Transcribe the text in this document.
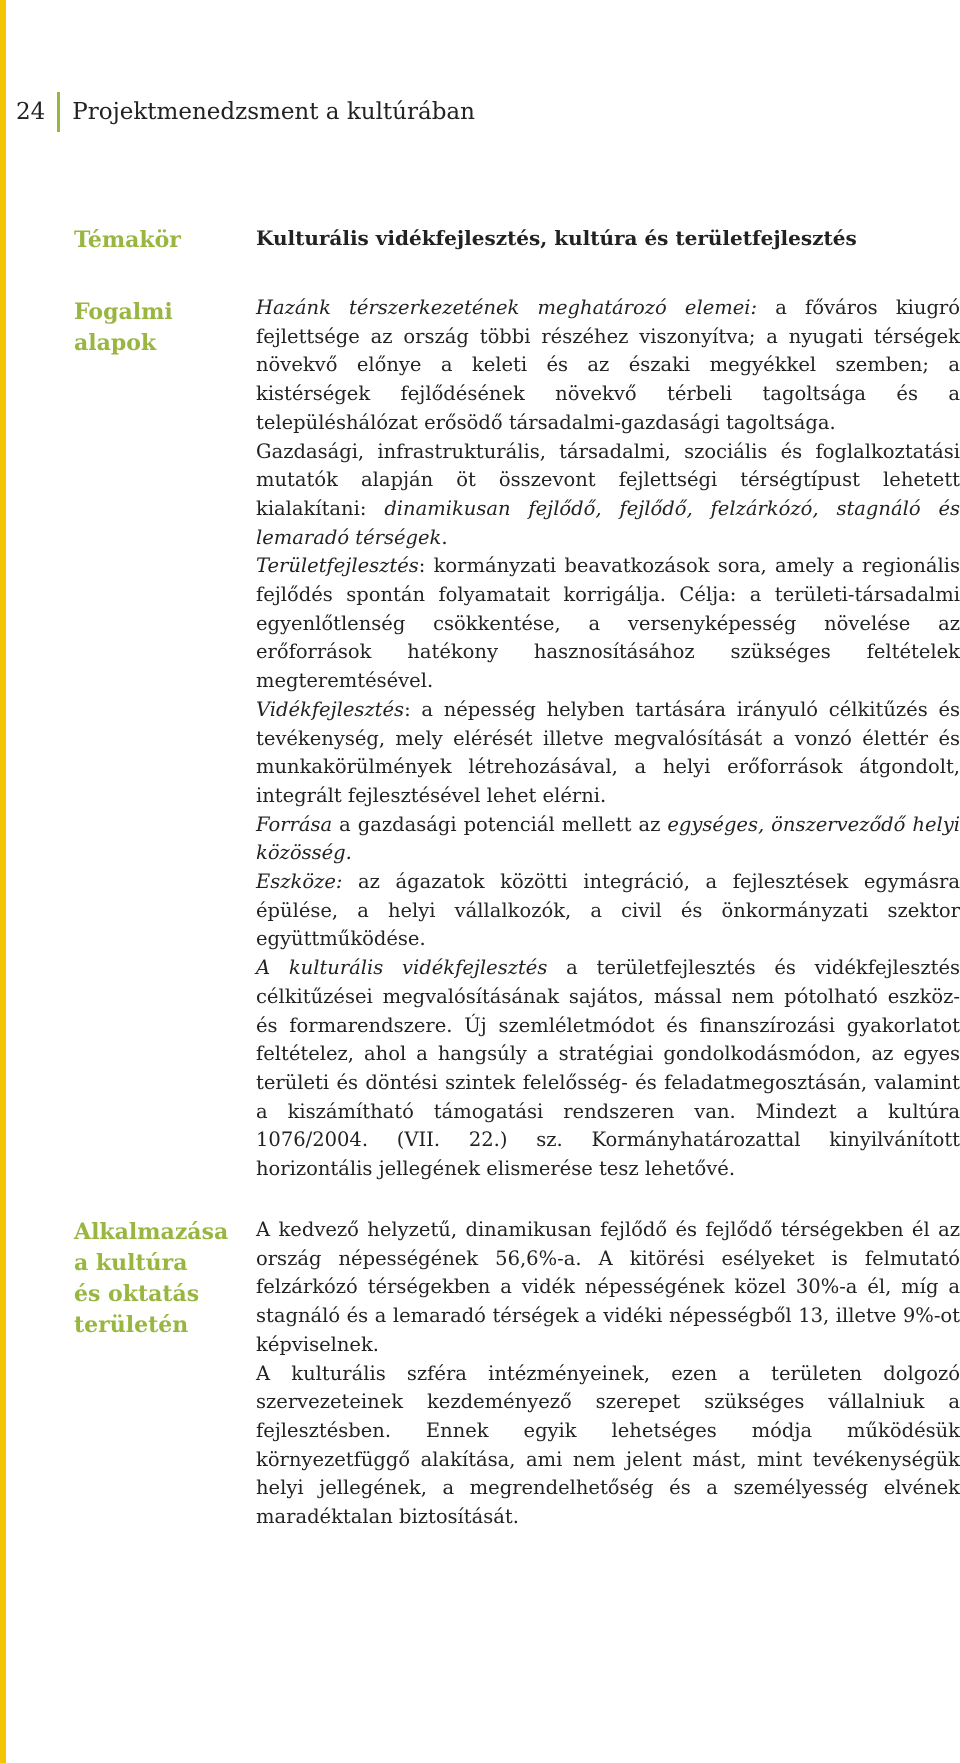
24 Projektmenedzsment a kultúrában
Témakör	Kulturális vidékfejlesztés, kultúra és területfejlesztés
Fogalmi
alapok

Hazánk térszerkezetének meghatározó elemei: a főváros kiugró fejlettsége az ország többi részéhez viszonyítva; a nyugati térségek növekvő előnye a keleti és az északi megyékkel szemben; a kistérségek fejlődésének növekvő térbeli tagoltsága és a településhálózat erősödő társadalmi-gazdasági tagoltsága.

Gazdasági, infrastrukturális, társadalmi, szociális és foglalkoztatási mutatók alapján öt összevont fejlettségi térségtípust lehetett kialakítani: dinamikusan fejlődő, fejlődő, felzárkózó, stagnáló és lemaradó térségek.

Területfejlesztés: kormányzati beavatkozások sora, amely a regionális fejlődés spontán folyamatait korrigálja. Célja: a területi-társadalmi egyenlőtlenség csökkentése, a versenyképesség növelése az erőforrások hatékony hasznosításához szükséges feltételek megteremtésével.

Vidékfejlesztés: a népesség helyben tartására irányuló célkitűzés és tevékenység, mely elérését illetve megvalósítását a vonzó élettér és munkakörülmények létrehozásával, a helyi erőforrások átgondolt, integrált fejlesztésével lehet elérni.

Forrása a gazdasági potenciál mellett az egységes, önszerveződő helyi közösség.

Eszköze: az ágazatok közötti integráció, a fejlesztések egymásra épülése, a helyi vállalkozók, a civil és önkormányzati szektor együttműködése.

A kulturális vidékfejlesztés a területfejlesztés és vidékfejlesztés célkitűzései megvalósításának sajátos, mással nem pótolható eszköz- és formarendszere. Új szemléletmódot és finanszírozási gyakorlatot feltételez, ahol a hangsúly a stratégiai gondolkodásmódon, az egyes területi és döntési szintek felelősség- és feladatmegosztásán, valamint a kiszámítható támogatási rendszeren van. Mindezt a kultúra 1076/2004. (VII. 22.) sz. Kormányhatározattal kinyilvánított horizontális jellegének elismerése tesz lehetővé.

Alkalmazása
a kultúra
és oktatás
területén

A kedvező helyzetű, dinamikusan fejlődő és fejlődő térségekben él az ország népességének 56,6%-a. A kitörési esélyeket is felmutató felzárkózó térségekben a vidék népességének közel 30%-a él, míg a stagnáló és a lemaradó térségek a vidéki népességből 13, illetve 9%-ot képviselnek.

A kulturális szféra intézményeinek, ezen a területen dolgozó szervezeteinek kezdeményező szerepet szükséges vállalniuk a fejlesztésben. Ennek egyik lehetséges módja működésük környezetfüggő alakítása, ami nem jelent mást, mint tevékenységük helyi jellegének, a megrendelhetőség és a személyesség elvének maradéktalan biztosítását.
